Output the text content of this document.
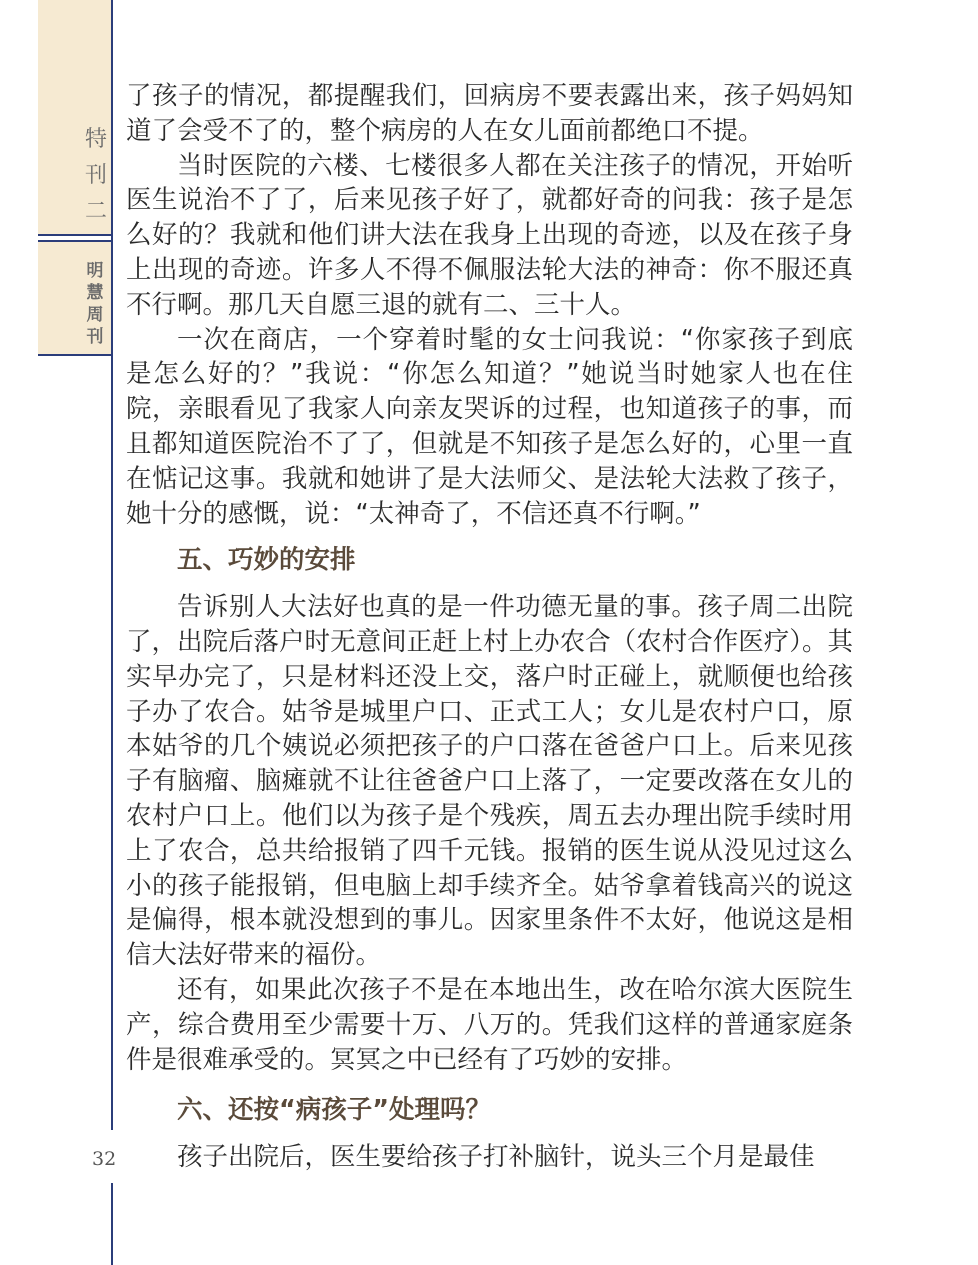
特刊二
明慧周刊
32

了孩子的情况，都提醒我们，回病房不要表露出来，孩子妈妈知道了会受不了的，整个病房的人在女儿面前都绝口不提。

当时医院的六楼、七楼很多人都在关注孩子的情况，开始听医生说治不了了，后来见孩子好了，就都好奇的问我：孩子是怎么好的？我就和他们讲大法在我身上出现的奇迹，以及在孩子身上出现的奇迹。许多人不得不佩服法轮大法的神奇：你不服还真不行啊。那几天自愿三退的就有二、三十人。

一次在商店，一个穿着时髦的女士问我说：“你家孩子到底是怎么好的？”我说：“你怎么知道？”她说当时她家人也在住院，亲眼看见了我家人向亲友哭诉的过程，也知道孩子的事，而且都知道医院治不了了，但就是不知孩子是怎么好的，心里一直在惦记这事。我就和她讲了是大法师父、是法轮大法救了孩子，她十分的感慨，说：“太神奇了，不信还真不行啊。”

五、巧妙的安排

告诉别人大法好也真的是一件功德无量的事。孩子周二出院了，出院后落户时无意间正赶上村上办农合（农村合作医疗）。其实早办完了，只是材料还没上交，落户时正碰上，就顺便也给孩子办了农合。姑爷是城里户口、正式工人；女儿是农村户口，原本姑爷的几个姨说必须把孩子的户口落在爸爸户口上。后来见孩子有脑瘤、脑瘫就不让往爸爸户口上落了，一定要改落在女儿的农村户口上。他们以为孩子是个残疾，周五去办理出院手续时用上了农合，总共给报销了四千元钱。报销的医生说从没见过这么小的孩子能报销，但电脑上却手续齐全。姑爷拿着钱高兴的说这是偏得，根本就没想到的事儿。因家里条件不太好，他说这是相信大法好带来的福份。

还有，如果此次孩子不是在本地出生，改在哈尔滨大医院生产，综合费用至少需要十万、八万的。凭我们这样的普通家庭条件是很难承受的。冥冥之中已经有了巧妙的安排。

六、还按“病孩子”处理吗？

孩子出院后，医生要给孩子打补脑针，说头三个月是最佳
